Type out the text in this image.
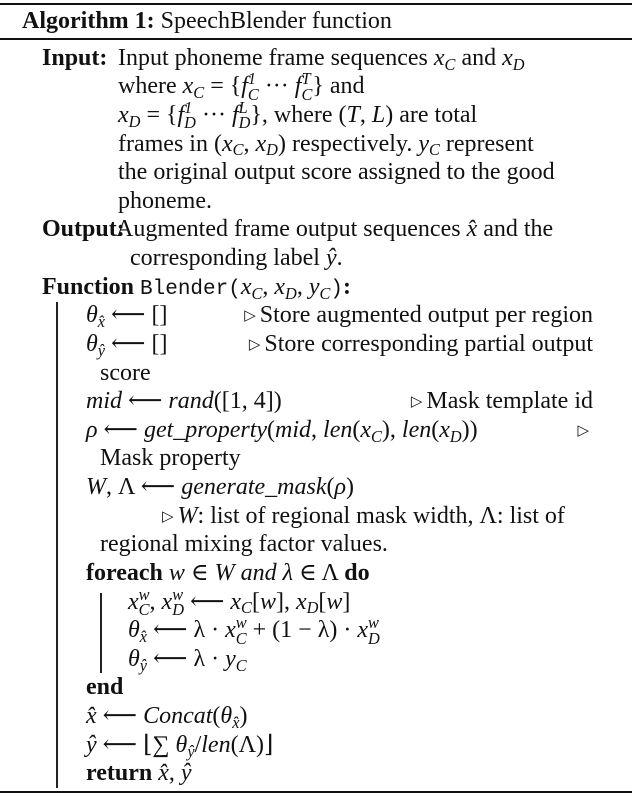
Algorithm 1: SpeechBlender function
Input phoneme frame sequences $x_C$ and $x_D$
Input:
where $x_C = \{f$ 1
C ··· f T
C } and
$x_D = \{f$ 1
D ··· f L
D }, where (T, L) are total
frames in ($x_C$, $x_D$) respectively. $y_C$ represent
the original output score assigned to the good
phoneme.
Augmented frame output sequences x̂ and the
Output:
corresponding label ŷ.
Function $Blender(x_C$, $x_D$, $y_C$):
$\theta_{x̂}$ ⟵ []	▷ Store augmented output per region
$\theta_ŷ$ ⟵ []	▷ Store corresponding partial output
score
mid ⟵ rand([1, 4])	▷ Mask template id
ρ ⟵ get_property(mid, $len(x_C)$, $len(x_D)$)	▷
Mask property
W, Λ ⟵ generate_mask(ρ)
▷ W: list of regional mask width, Λ: list of
regional mixing factor values.
foreach w ∈ W and λ ∈ Λ do
x w
C , x w
D ⟵ $x_C[w]$, $x_D[w]$
$\theta_{x̂}$ ⟵ λ · x w
C + (1 − λ) · x w
D
$\theta_ŷ$ ⟵ $\lambda \cdot y_C$
end
x̂ ⟵ $Concat(\theta_{x̂})$
ŷ ⟵ ⌊∑ $\theta_ŷ/len(\Lambda)⌋$
return x̂, ŷ
